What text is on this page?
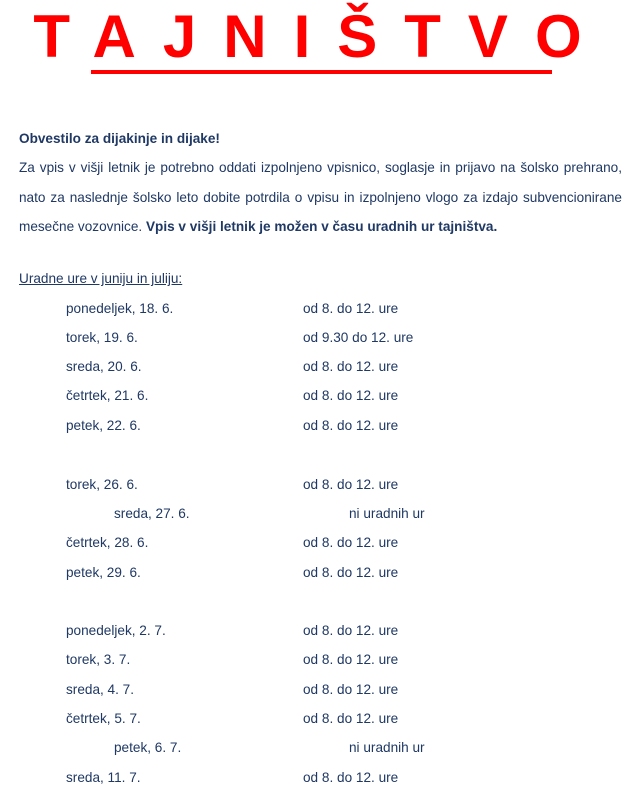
TAJNIŠTVO
Obvestilo za dijakinje in dijake!
Za vpis v višji letnik je potrebno oddati izpolnjeno vpisnico, soglasje in prijavo na šolsko prehrano, nato za naslednje šolsko leto dobite potrdila o vpisu in izpolnjeno vlogo za izdajo subvencionirane mesečne vozovnice. Vpis v višji letnik je možen v času uradnih ur tajništva.
Uradne ure v juniju in juliju:
ponedeljek, 18. 6.	od 8. do 12. ure
torek, 19. 6.	od 9.30 do 12. ure
sreda, 20. 6.	od 8. do 12. ure
četrtek, 21. 6.	od 8. do 12. ure
petek, 22. 6.	od 8. do 12. ure
torek, 26. 6.	od 8. do 12. ure
sreda, 27. 6.	ni uradnih ur
četrtek, 28. 6.	od 8. do 12. ure
petek, 29. 6.	od 8. do 12. ure
ponedeljek, 2. 7.	od 8. do 12. ure
torek, 3. 7.	od 8. do 12. ure
sreda, 4. 7.	od 8. do 12. ure
četrtek, 5. 7.	od 8. do 12. ure
petek, 6. 7.	ni uradnih ur
sreda, 11. 7.	od 8. do 12. ure
